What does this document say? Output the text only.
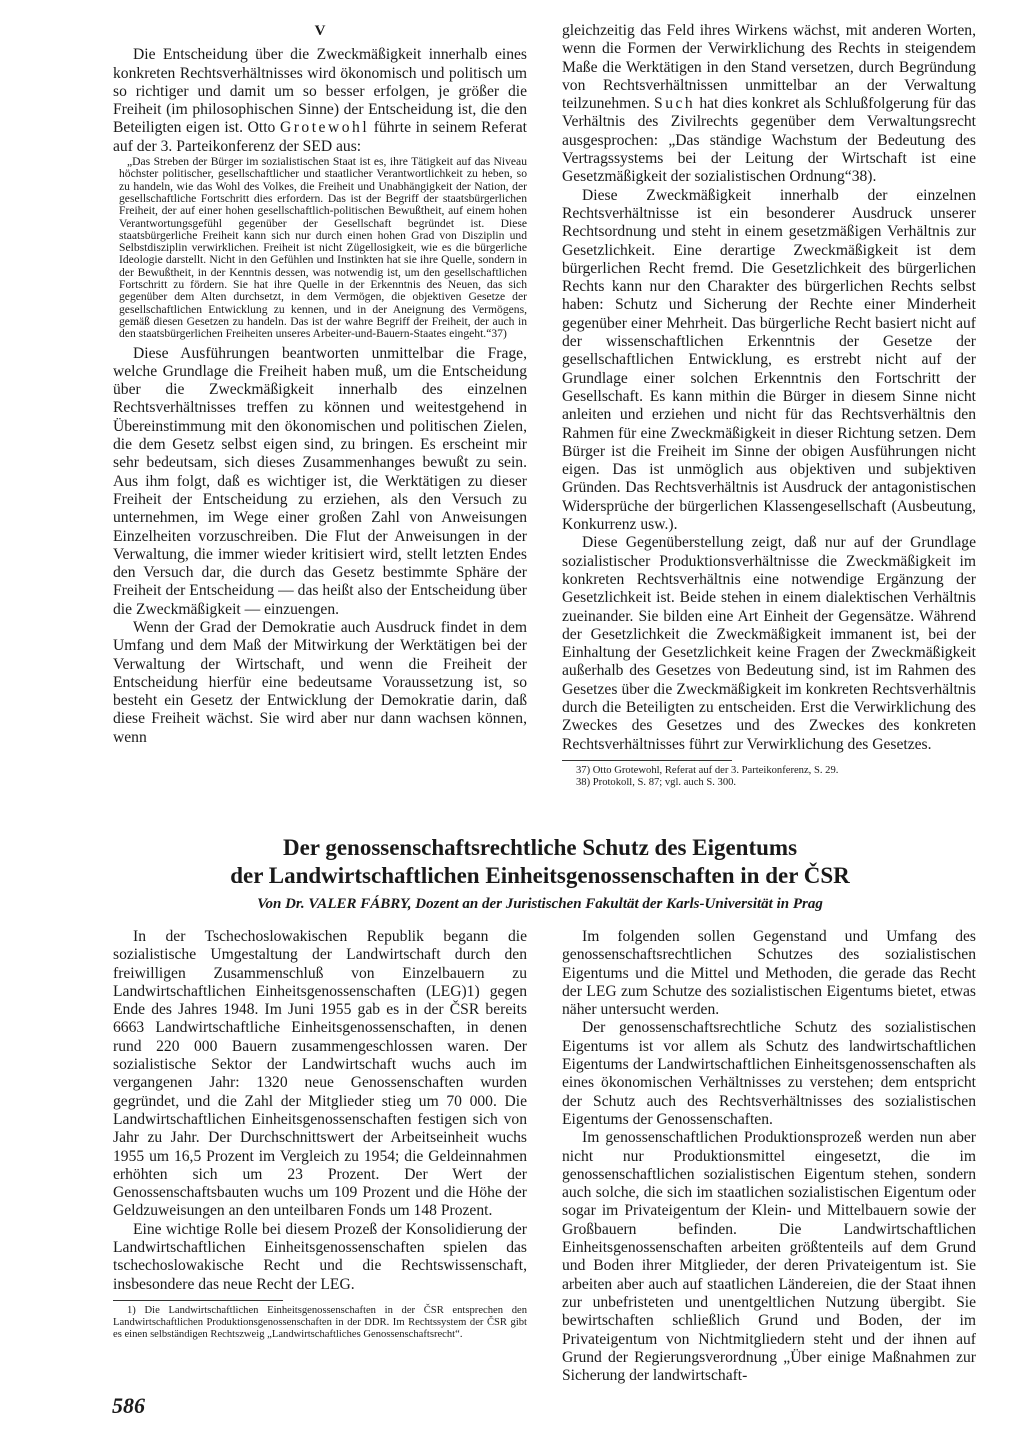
V

Die Entscheidung über die Zweckmäßigkeit innerhalb eines konkreten Rechtsverhältnisses wird ökonomisch und politisch um so richtiger und damit um so besser erfolgen, je größer die Freiheit (im philosophischen Sinne) der Entscheidung ist, die den Beteiligten eigen ist. Otto Grotewohl führte in seinem Referat auf der 3. Parteikonferenz der SED aus:

„Das Streben der Bürger im sozialistischen Staat ist es, ihre Tätigkeit auf das Niveau höchster politischer, gesellschaftlicher und staatlicher Verantwortlichkeit zu heben, so zu handeln, wie das Wohl des Volkes, die Freiheit und Unabhängigkeit der Nation, der gesellschaftliche Fortschritt dies erfordern. Das ist der Begriff der staatsbürgerlichen Freiheit, der auf einer hohen gesellschaftlich-politischen Bewußtheit, auf einem hohen Verantwortungsgefühl gegenüber der Gesellschaft begründet ist. Diese staatsbürgerliche Freiheit kann sich nur durch einen hohen Grad von Disziplin und Selbstdisziplin verwirklichen. Freiheit ist nicht Zügellosigkeit, wie es die bürgerliche Ideologie darstellt. Nicht in den Gefühlen und Instinkten hat sie ihre Quelle, sondern in der Bewußtheit, in der Kenntnis dessen, was notwendig ist, um den gesellschaftlichen Fortschritt zu fördern. Sie hat ihre Quelle in der Erkenntnis des Neuen, das sich gegenüber dem Alten durchsetzt, in dem Vermögen, die objektiven Gesetze der gesellschaftlichen Entwicklung zu kennen, und in der Aneignung des Vermögens, gemäß diesen Gesetzen zu handeln. Das ist der wahre Begriff der Freiheit, der auch in den staatsbürgerlichen Freiheiten unseres Arbeiter-und-Bauern-Staates eingeht.“37)

Diese Ausführungen beantworten unmittelbar die Frage, welche Grundlage die Freiheit haben muß, um die Entscheidung über die Zweckmäßigkeit innerhalb des einzelnen Rechtsverhältnisses treffen zu können und weitestgehend in Übereinstimmung mit den ökonomischen und politischen Zielen, die dem Gesetz selbst eigen sind, zu bringen. Es erscheint mir sehr bedeutsam, sich dieses Zusammenhanges bewußt zu sein. Aus ihm folgt, daß es wichtiger ist, die Werktätigen zu dieser Freiheit der Entscheidung zu erziehen, als den Versuch zu unternehmen, im Wege einer großen Zahl von Anweisungen Einzelheiten vorzuschreiben. Die Flut der Anweisungen in der Verwaltung, die immer wieder kritisiert wird, stellt letzten Endes den Versuch dar, die durch das Gesetz bestimmte Sphäre der Freiheit der Entscheidung — das heißt also der Entscheidung über die Zweckmäßigkeit — einzuengen.

Wenn der Grad der Demokratie auch Ausdruck findet in dem Umfang und dem Maß der Mitwirkung der Werktätigen bei der Verwaltung der Wirtschaft, und wenn die Freiheit der Entscheidung hierfür eine bedeutsame Voraussetzung ist, so besteht ein Gesetz der Entwicklung der Demokratie darin, daß diese Freiheit wächst. Sie wird aber nur dann wachsen können, wenn

gleichzeitig das Feld ihres Wirkens wächst, mit anderen Worten, wenn die Formen der Verwirklichung des Rechts in steigendem Maße die Werktätigen in den Stand versetzen, durch Begründung von Rechtsverhältnissen unmittelbar an der Verwaltung teilzunehmen. Such hat dies konkret als Schlußfolgerung für das Verhältnis des Zivilrechts gegenüber dem Verwaltungsrecht ausgesprochen: „Das ständige Wachstum der Bedeutung des Vertragssystems bei der Leitung der Wirtschaft ist eine Gesetzmäßigkeit der sozialistischen Ordnung“38).

Diese Zweckmäßigkeit innerhalb der einzelnen Rechtsverhältnisse ist ein besonderer Ausdruck unserer Rechtsordnung und steht in einem gesetzmäßigen Verhältnis zur Gesetzlichkeit. Eine derartige Zweckmäßigkeit ist dem bürgerlichen Recht fremd. Die Gesetzlichkeit des bürgerlichen Rechts kann nur den Charakter des bürgerlichen Rechts selbst haben: Schutz und Sicherung der Rechte einer Minderheit gegenüber einer Mehrheit. Das bürgerliche Recht basiert nicht auf der wissenschaftlichen Erkenntnis der Gesetze der gesellschaftlichen Entwicklung, es erstrebt nicht auf der Grundlage einer solchen Erkenntnis den Fortschritt der Gesellschaft. Es kann mithin die Bürger in diesem Sinne nicht anleiten und erziehen und nicht für das Rechtsverhältnis den Rahmen für eine Zweckmäßigkeit in dieser Richtung setzen. Dem Bürger ist die Freiheit im Sinne der obigen Ausführungen nicht eigen. Das ist unmöglich aus objektiven und subjektiven Gründen. Das Rechtsverhältnis ist Ausdruck der antagonistischen Widersprüche der bürgerlichen Klassengesellschaft (Ausbeutung, Konkurrenz usw.).

Diese Gegenüberstellung zeigt, daß nur auf der Grundlage sozialistischer Produktionsverhältnisse die Zweckmäßigkeit im konkreten Rechtsverhältnis eine notwendige Ergänzung der Gesetzlichkeit ist. Beide stehen in einem dialektischen Verhältnis zueinander. Sie bilden eine Art Einheit der Gegensätze. Während der Gesetzlichkeit die Zweckmäßigkeit immanent ist, bei der Einhaltung der Gesetzlichkeit keine Fragen der Zweckmäßigkeit außerhalb des Gesetzes von Bedeutung sind, ist im Rahmen des Gesetzes über die Zweckmäßigkeit im konkreten Rechtsverhältnis durch die Beteiligten zu entscheiden. Erst die Verwirklichung des Zweckes des Gesetzes und des Zweckes des konkreten Rechtsverhältnisses führt zur Verwirklichung des Gesetzes.

37) Otto Grotewohl, Referat auf der 3. Parteikonferenz, S. 29.

38) Protokoll, S. 87; vgl. auch S. 300.

Der genossenschaftsrechtliche Schutz des Eigentums
der Landwirtschaftlichen Einheitsgenossenschaften in der ČSR

Von Dr. VALER FÁBRY, Dozent an der Juristischen Fakultät der Karls-Universität in Prag

In der Tschechoslowakischen Republik begann die sozialistische Umgestaltung der Landwirtschaft durch den freiwilligen Zusammenschluß von Einzelbauern zu Landwirtschaftlichen Einheitsgenossenschaften (LEG)1) gegen Ende des Jahres 1948. Im Juni 1955 gab es in der ČSR bereits 6663 Landwirtschaftliche Einheitsgenossenschaften, in denen rund 220 000 Bauern zusammengeschlossen waren. Der sozialistische Sektor der Landwirtschaft wuchs auch im vergangenen Jahr: 1320 neue Genossenschaften wurden gegründet, und die Zahl der Mitglieder stieg um 70 000. Die Landwirtschaftlichen Einheitsgenossenschaften festigen sich von Jahr zu Jahr. Der Durchschnittswert der Arbeitseinheit wuchs 1955 um 16,5 Prozent im Vergleich zu 1954; die Geldeinnahmen erhöhten sich um 23 Prozent. Der Wert der Genossenschaftsbauten wuchs um 109 Prozent und die Höhe der Geldzuweisungen an den unteilbaren Fonds um 148 Prozent.

Eine wichtige Rolle bei diesem Prozeß der Konsolidierung der Landwirtschaftlichen Einheitsgenossenschaften spielen das tschechoslowakische Recht und die Rechtswissenschaft, insbesondere das neue Recht der LEG.

1) Die Landwirtschaftlichen Einheitsgenossenschaften in der ČSR entsprechen den Landwirtschaftlichen Produktionsgenossenschaften in der DDR. Im Rechtssystem der ČSR gibt es einen selbständigen Rechtszweig „Landwirtschaftliches Genossenschaftsrecht“.

Im folgenden sollen Gegenstand und Umfang des genossenschaftsrechtlichen Schutzes des sozialistischen Eigentums und die Mittel und Methoden, die gerade das Recht der LEG zum Schutze des sozialistischen Eigentums bietet, etwas näher untersucht werden.

Der genossenschaftsrechtliche Schutz des sozialistischen Eigentums ist vor allem als Schutz des landwirtschaftlichen Eigentums der Landwirtschaftlichen Einheitsgenossenschaften als eines ökonomischen Verhältnisses zu verstehen; dem entspricht der Schutz auch des Rechtsverhältnisses des sozialistischen Eigentums der Genossenschaften.

Im genossenschaftlichen Produktionsprozeß werden nun aber nicht nur Produktionsmittel eingesetzt, die im genossenschaftlichen sozialistischen Eigentum stehen, sondern auch solche, die sich im staatlichen sozialistischen Eigentum oder sogar im Privateigentum der Klein- und Mittelbauern sowie der Großbauern befinden. Die Landwirtschaftlichen Einheitsgenossenschaften arbeiten größtenteils auf dem Grund und Boden ihrer Mitglieder, der deren Privateigentum ist. Sie arbeiten aber auch auf staatlichen Ländereien, die der Staat ihnen zur unbefristeten und unentgeltlichen Nutzung übergibt. Sie bewirtschaften schließlich Grund und Boden, der im Privateigentum von Nichtmitgliedern steht und der ihnen auf Grund der Regierungsverordnung „Über einige Maßnahmen zur Sicherung der landwirtschaft-

586
